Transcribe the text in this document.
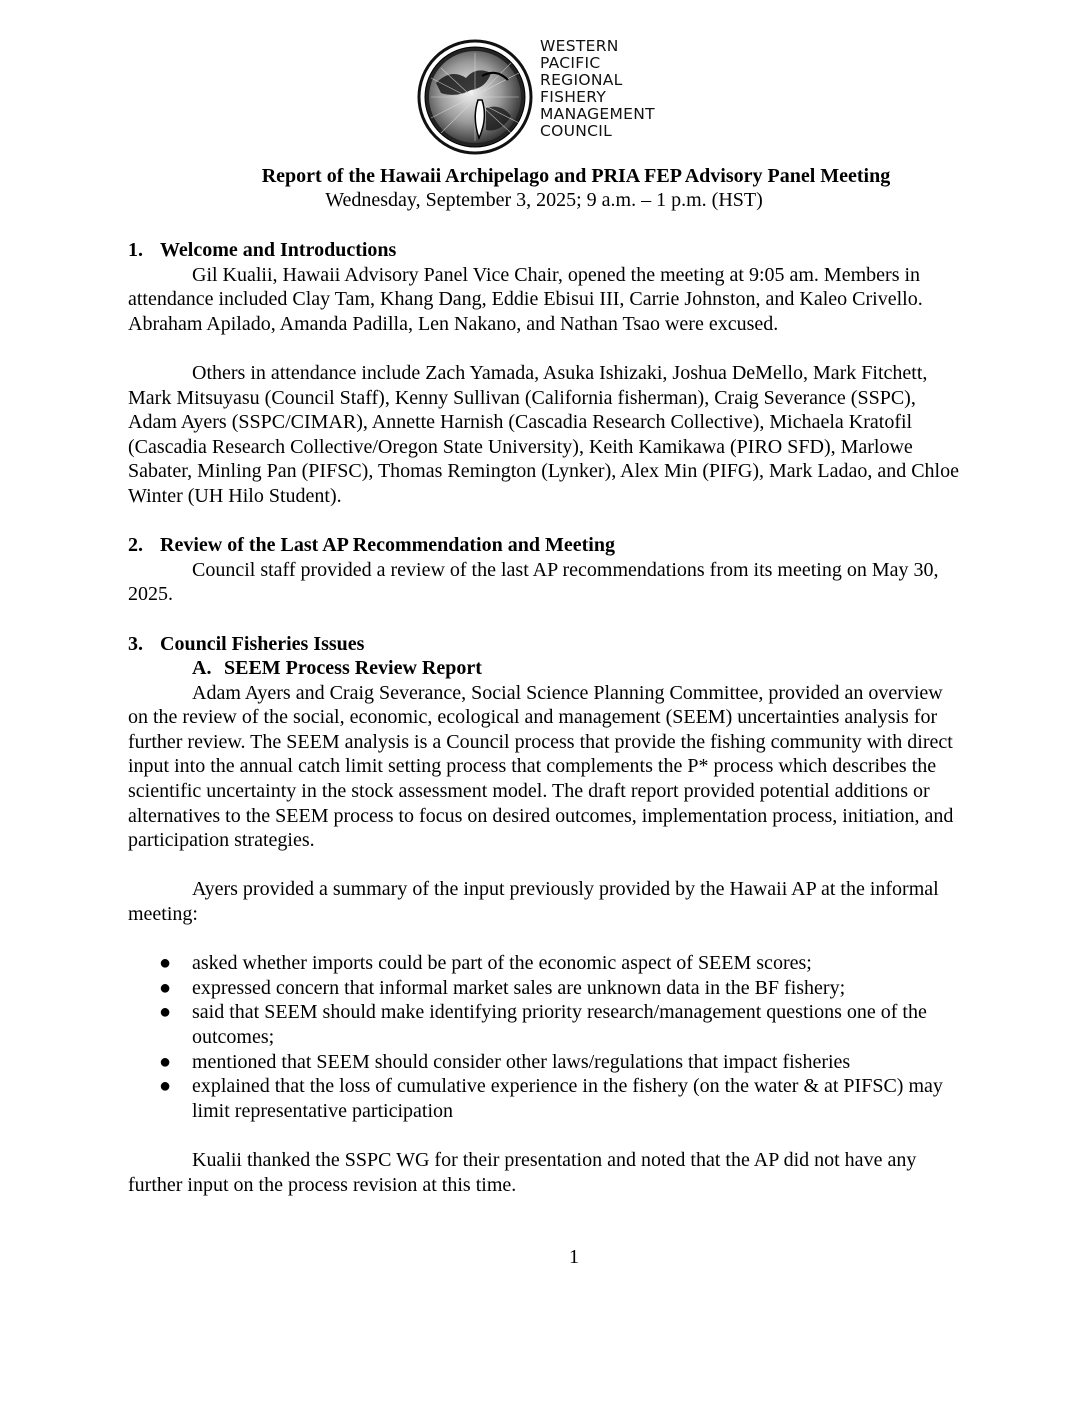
WESTERN
PACIFIC
REGIONAL
FISHERY
MANAGEMENT
COUNCIL
Report of the Hawaii Archipelago and PRIA FEP Advisory Panel Meeting
Wednesday, September 3, 2025; 9 a.m. – 1 p.m. (HST)
1. Welcome and Introductions

Gil Kualii, Hawaii Advisory Panel Vice Chair, opened the meeting at 9:05 am. Members in attendance included Clay Tam, Khang Dang, Eddie Ebisui III, Carrie Johnston, and Kaleo Crivello. Abraham Apilado, Amanda Padilla, Len Nakano, and Nathan Tsao were excused.

Others in attendance include Zach Yamada, Asuka Ishizaki, Joshua DeMello, Mark Fitchett, Mark Mitsuyasu (Council Staff), Kenny Sullivan (California fisherman), Craig Severance (SSPC), Adam Ayers (SSPC/CIMAR), Annette Harnish (Cascadia Research Collective), Michaela Kratofil (Cascadia Research Collective/Oregon State University), Keith Kamikawa (PIRO SFD), Marlowe Sabater, Minling Pan (PIFSC), Thomas Remington (Lynker), Alex Min (PIFG), Mark Ladao, and Chloe Winter (UH Hilo Student).

2. Review of the Last AP Recommendation and Meeting

Council staff provided a review of the last AP recommendations from its meeting on May 30, 2025.

3. Council Fisheries Issues
A. SEEM Process Review Report

Adam Ayers and Craig Severance, Social Science Planning Committee, provided an overview on the review of the social, economic, ecological and management (SEEM) uncertainties analysis for further review. The SEEM analysis is a Council process that provide the fishing community with direct input into the annual catch limit setting process that complements the P* process which describes the scientific uncertainty in the stock assessment model. The draft report provided potential additions or alternatives to the SEEM process to focus on desired outcomes, implementation process, initiation, and participation strategies.

Ayers provided a summary of the input previously provided by the Hawaii AP at the informal meeting:

● asked whether imports could be part of the economic aspect of SEEM scores;
● expressed concern that informal market sales are unknown data in the BF fishery;
● said that SEEM should make identifying priority research/management questions one of the outcomes;
● mentioned that SEEM should consider other laws/regulations that impact fisheries
● explained that the loss of cumulative experience in the fishery (on the water & at PIFSC) may limit representative participation

Kualii thanked the SSPC WG for their presentation and noted that the AP did not have any further input on the process revision at this time.

1
